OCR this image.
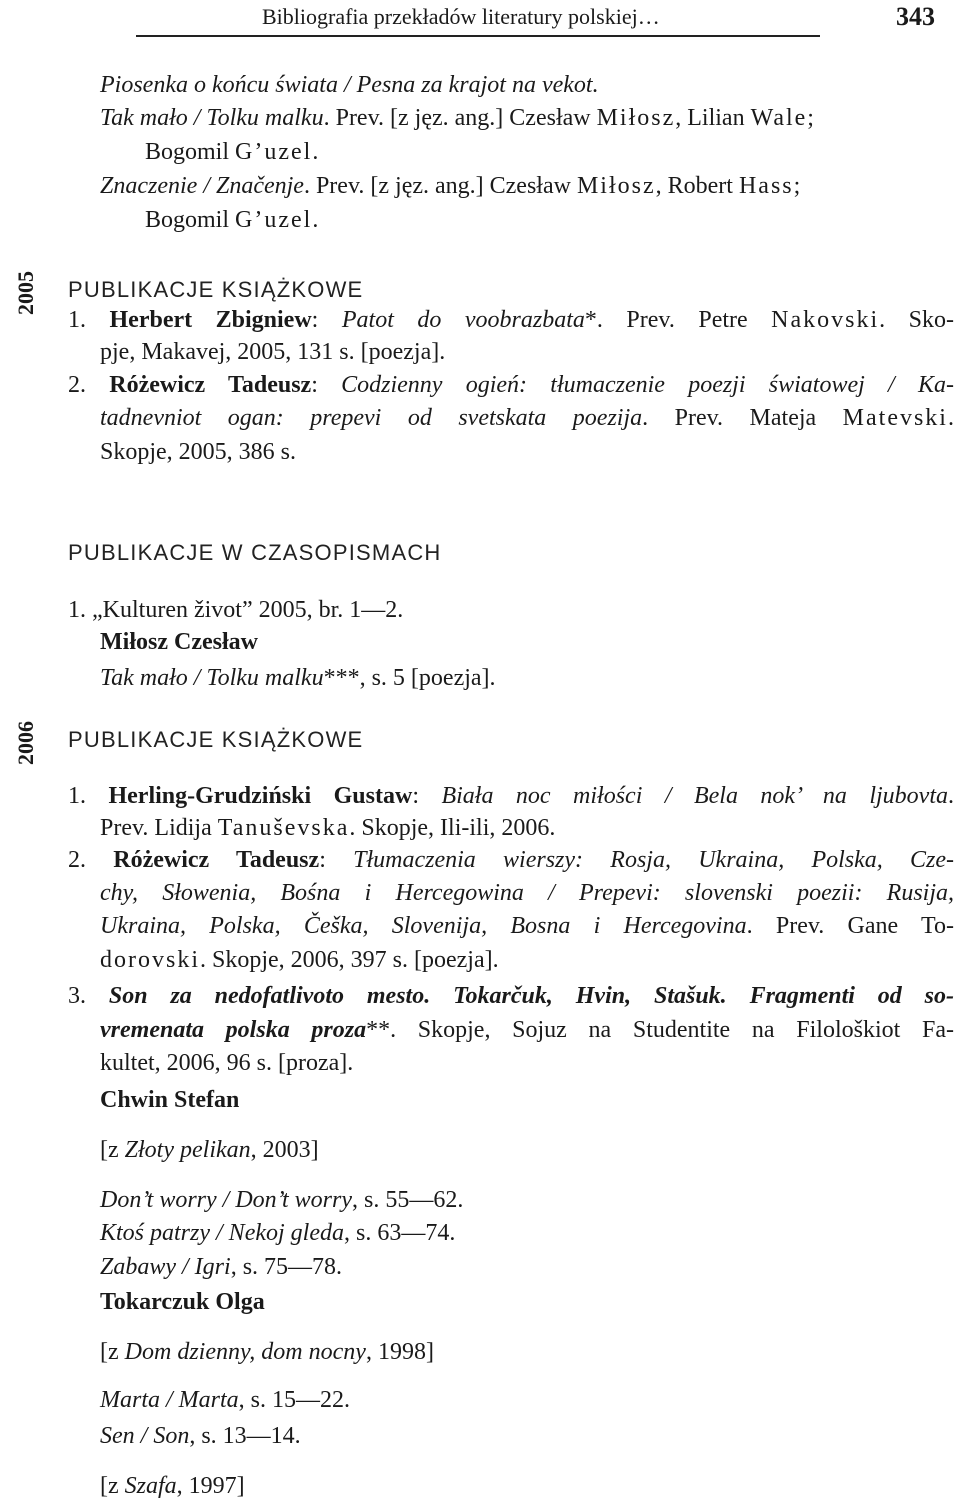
Bibliografia przekładów literatury polskiej…	343
2005
2006
Piosenka o końcu świata / Pesna za krajot na vekot.
Tak mało / Tolku malku. Prev. [z jęz. ang.] Czesław Miłosz, Lilian Wale;
Bogomil G’uzel.
Znaczenie / Značenje. Prev. [z jęz. ang.] Czesław Miłosz, Robert Hass;
Bogomil G’uzel.
PUBLIKACJE KSIĄŻKOWE
1. Herbert Zbigniew: Patot do voobrazbata*. Prev. Petre Nakovski. Sko-
pje, Makavej, 2005, 131 s. [poezja].
2. Różewicz Tadeusz: Codzienny ogień: tłumaczenie poezji światowej / Ka-
tadnevniot ogan: prepevi od svetskata poezija. Prev. Mateja Matevski.
Skopje, 2005, 386 s.
PUBLIKACJE W CZASOPISMACH
1. „Kulturen život” 2005, br. 1—2.
Miłosz Czesław
Tak mało / Tolku malku***, s. 5 [poezja].
PUBLIKACJE KSIĄŻKOWE
1. Herling-Grudziński Gustaw: Biała noc miłości / Bela nok’ na ljubovta.
Prev. Lidija Tanuševska. Skopje, Ili-ili, 2006.
2. Różewicz Tadeusz: Tłumaczenia wierszy: Rosja, Ukraina, Polska, Cze-
chy, Słowenia, Bośna i Hercegowina / Prepevi: slovenski poezii: Rusija,
Ukraina, Polska, Češka, Slovenija, Bosna i Hercegovina. Prev. Gane To-
dorovski. Skopje, 2006, 397 s. [poezja].
3. Son za nedofatlivoto mesto. Tokarčuk, Hvin, Stašuk. Fragmenti od so-
vremenata polska proza**. Skopje, Sojuz na Studentite na Filološkiot Fa-
kultet, 2006, 96 s. [proza].
Chwin Stefan
[z Złoty pelikan, 2003]
Don’t worry / Don’t worry, s. 55—62.
Ktoś patrzy / Nekoj gleda, s. 63—74.
Zabawy / Igri, s. 75—78.
Tokarczuk Olga
[z Dom dzienny, dom nocny, 1998]
Marta / Marta, s. 15—22.
Sen / Son, s. 13—14.
[z Szafa, 1997]
